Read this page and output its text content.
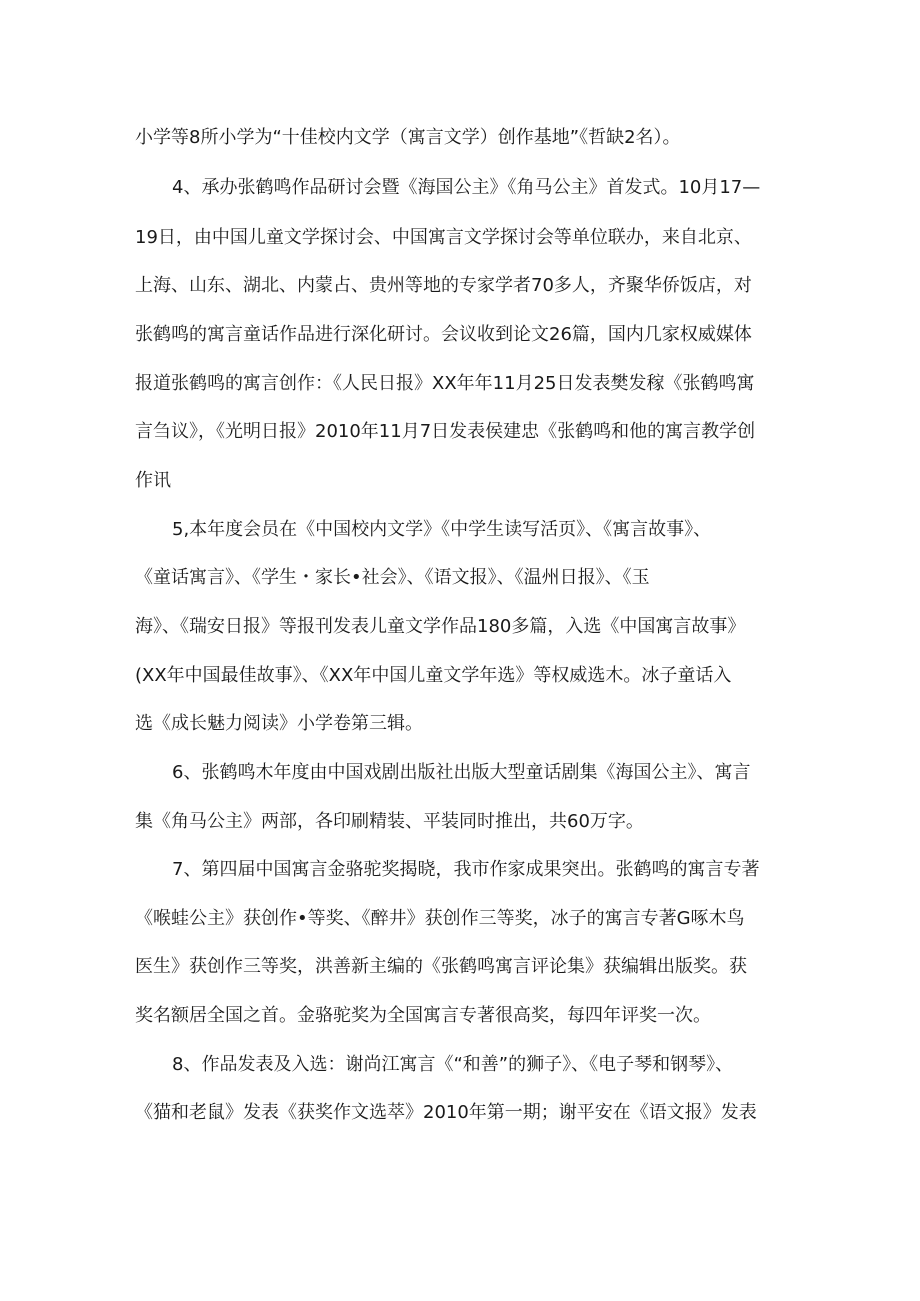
小学等8所小学为“十佳校内文学（寓言文学）创作基地”《哲缺2名）。
4、承办张鹤鸣作品研讨会暨《海国公主》《角马公主》首发式。10月17—
19日，由中国儿童文学探讨会、中国寓言文学探讨会等单位联办，来自北京、
上海、山东、湖北、内蒙占、贵州等地的专家学者70多人，齐聚华侨饭店，对
张鹤鸣的寓言童话作品进行深化研讨。会议收到论文26篇，国内几家权威媒体
报道张鹤鸣的寓言创作：《人民日报》XX年年11月25日发表樊发稼《张鹤鸣寓
言刍议》，《光明日报》2010年11月7日发表侯建忠《张鹤鸣和他的寓言教学创
作讯
5,本年度会员在《中国校内文学》《中学生读写活页》、《寓言故事》、
《童话寓言》、《学生・家长•社会》、《语文报》、《温州日报》、《玉
海》、《瑞安日报》等报刊发表儿童文学作品180多篇，入选《中国寓言故事》
(XX年中国最佳故事》、《XX年中国儿童文学年选》等权威选木。冰子童话入
选《成长魅力阅读》小学卷第三辑。
6、张鹤鸣木年度由中国戏剧出版社出版大型童话剧集《海国公主》、寓言
集《角马公主》两部，各印刷精装、平装同时推出，共60万字。
7、第四届中国寓言金骆驼奖揭晓，我市作家成果突出。张鹤鸣的寓言专著
《喉蛙公主》获创作•等奖、《醉井》获创作三等奖，冰子的寓言专著G啄木鸟
医生》获创作三等奖，洪善新主编的《张鹤鸣寓言评论集》获编辑出版奖。获
奖名额居全国之首。金骆驼奖为全国寓言专著很高奖，每四年评奖一次。
8、作品发表及入选：谢尚江寓言《“和善”的狮子》、《电子琴和钢琴》、
《猫和老鼠》发表《获奖作文选萃》2010年第一期；谢平安在《语文报》发表
